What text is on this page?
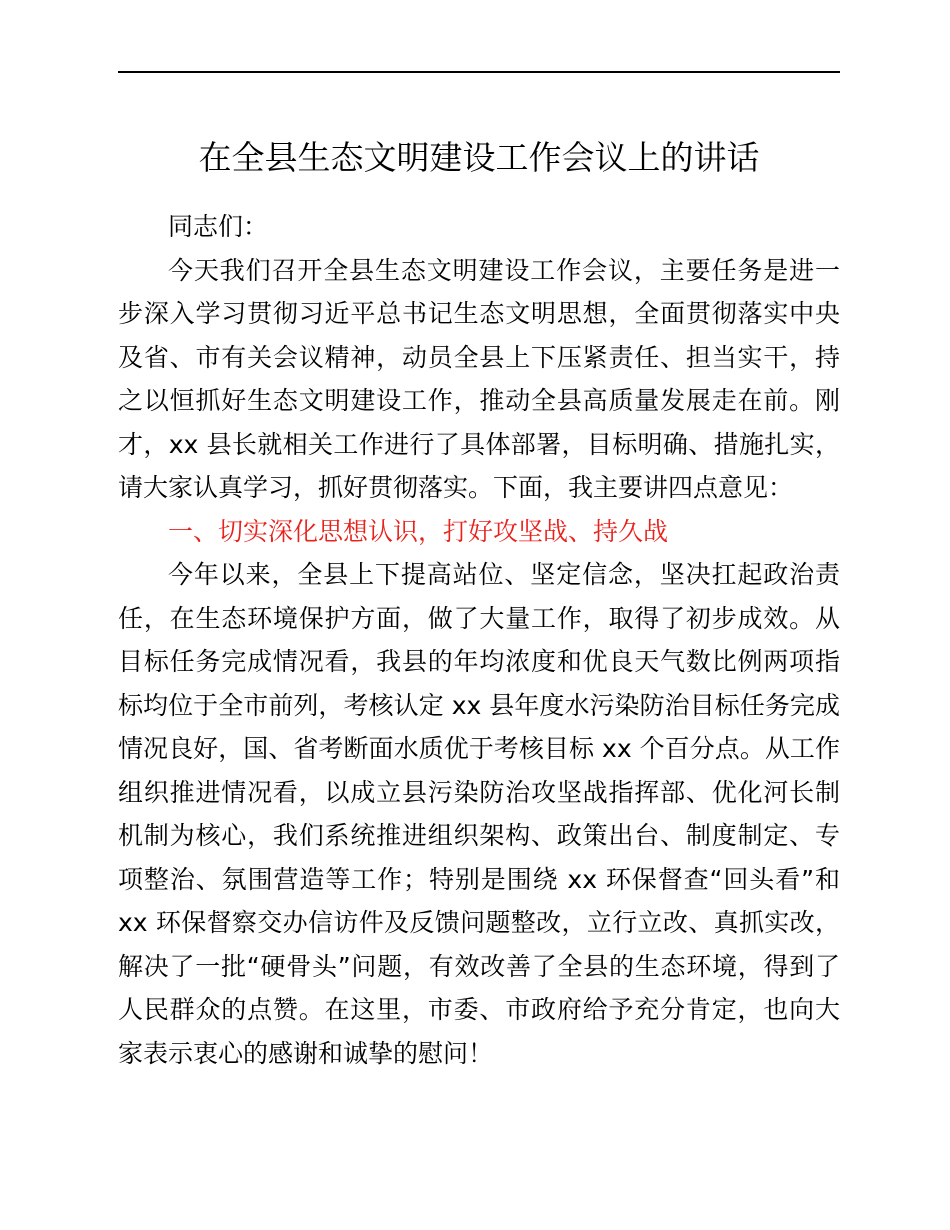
在全县生态文明建设工作会议上的讲话

同志们：

今天我们召开全县生态文明建设工作会议，主要任务是进一步深入学习贯彻习近平总书记生态文明思想，全面贯彻落实中央及省、市有关会议精神，动员全县上下压紧责任、担当实干，持之以恒抓好生态文明建设工作，推动全县高质量发展走在前。刚才，xx 县长就相关工作进行了具体部署，目标明确、措施扎实，请大家认真学习，抓好贯彻落实。下面，我主要讲四点意见：

一、切实深化思想认识，打好攻坚战、持久战

今年以来，全县上下提高站位、坚定信念，坚决扛起政治责任，在生态环境保护方面，做了大量工作，取得了初步成效。从目标任务完成情况看，我县的年均浓度和优良天气数比例两项指标均位于全市前列，考核认定 xx 县年度水污染防治目标任务完成情况良好，国、省考断面水质优于考核目标 xx 个百分点。从工作组织推进情况看，以成立县污染防治攻坚战指挥部、优化河长制机制为核心，我们系统推进组织架构、政策出台、制度制定、专项整治、氛围营造等工作；特别是围绕 xx 环保督查“回头看”和 xx 环保督察交办信访件及反馈问题整改，立行立改、真抓实改，解决了一批“硬骨头”问题，有效改善了全县的生态环境，得到了人民群众的点赞。在这里，市委、市政府给予充分肯定，也向大家表示衷心的感谢和诚挚的慰问！
